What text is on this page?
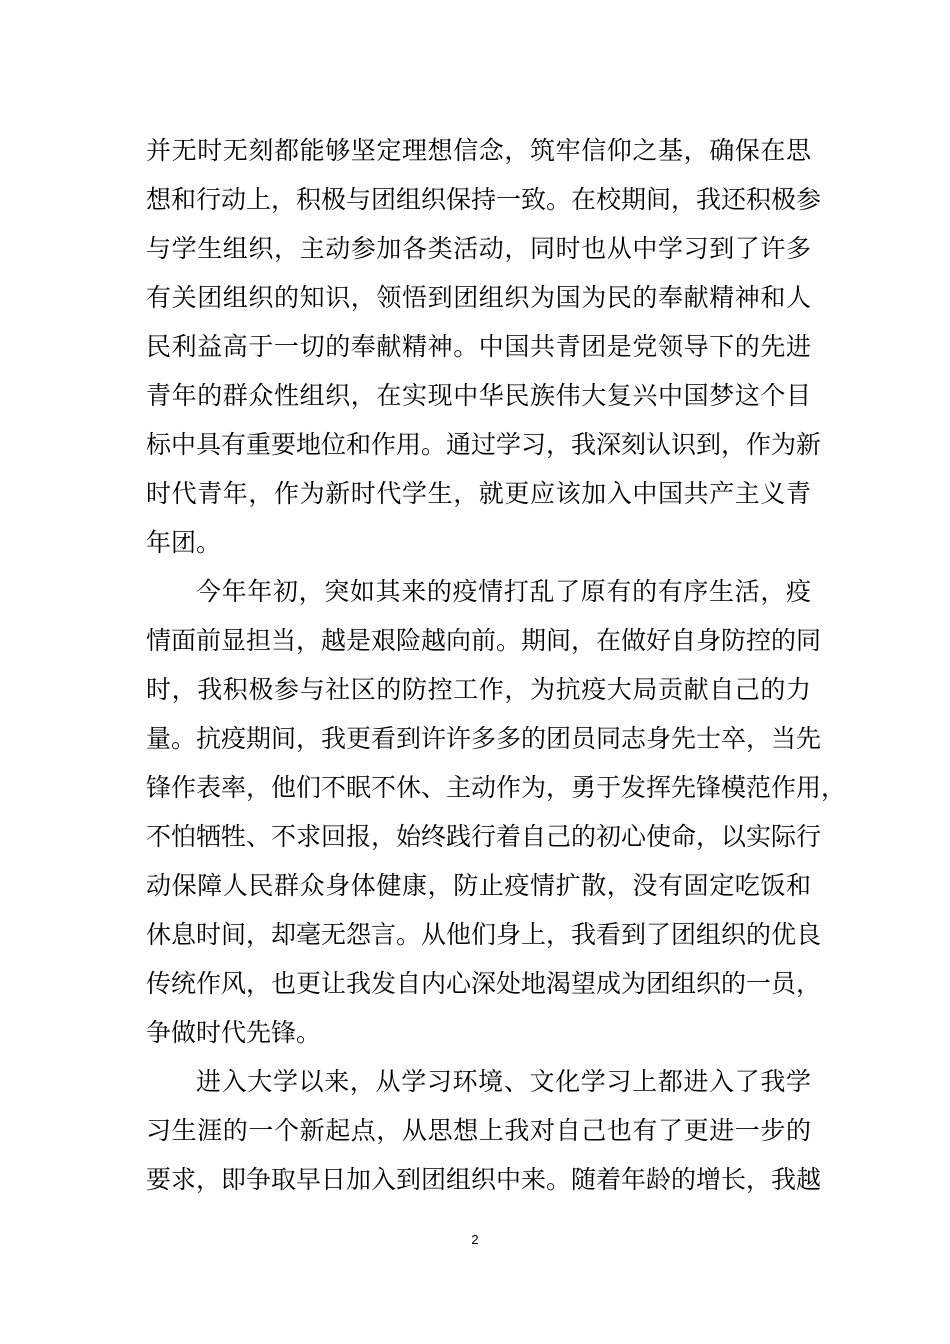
并无时无刻都能够坚定理想信念，筑牢信仰之基，确保在思
想和行动上，积极与团组织保持一致。在校期间，我还积极参
与学生组织，主动参加各类活动，同时也从中学习到了许多
有关团组织的知识，领悟到团组织为国为民的奉献精神和人
民利益高于一切的奉献精神。中国共青团是党领导下的先进
青年的群众性组织，在实现中华民族伟大复兴中国梦这个目
标中具有重要地位和作用。通过学习，我深刻认识到，作为新
时代青年，作为新时代学生，就更应该加入中国共产主义青
年团。
今年年初，突如其来的疫情打乱了原有的有序生活，疫
情面前显担当，越是艰险越向前。期间，在做好自身防控的同
时，我积极参与社区的防控工作，为抗疫大局贡献自己的力
量。抗疫期间，我更看到许许多多的团员同志身先士卒，当先
锋作表率，他们不眠不休、主动作为，勇于发挥先锋模范作用，
不怕牺牲、不求回报，始终践行着自己的初心使命，以实际行
动保障人民群众身体健康，防止疫情扩散，没有固定吃饭和
休息时间，却毫无怨言。从他们身上，我看到了团组织的优良
传统作风，也更让我发自内心深处地渴望成为团组织的一员，
争做时代先锋。
进入大学以来，从学习环境、文化学习上都进入了我学
习生涯的一个新起点，从思想上我对自己也有了更进一步的
要求，即争取早日加入到团组织中来。随着年龄的增长，我越
2
